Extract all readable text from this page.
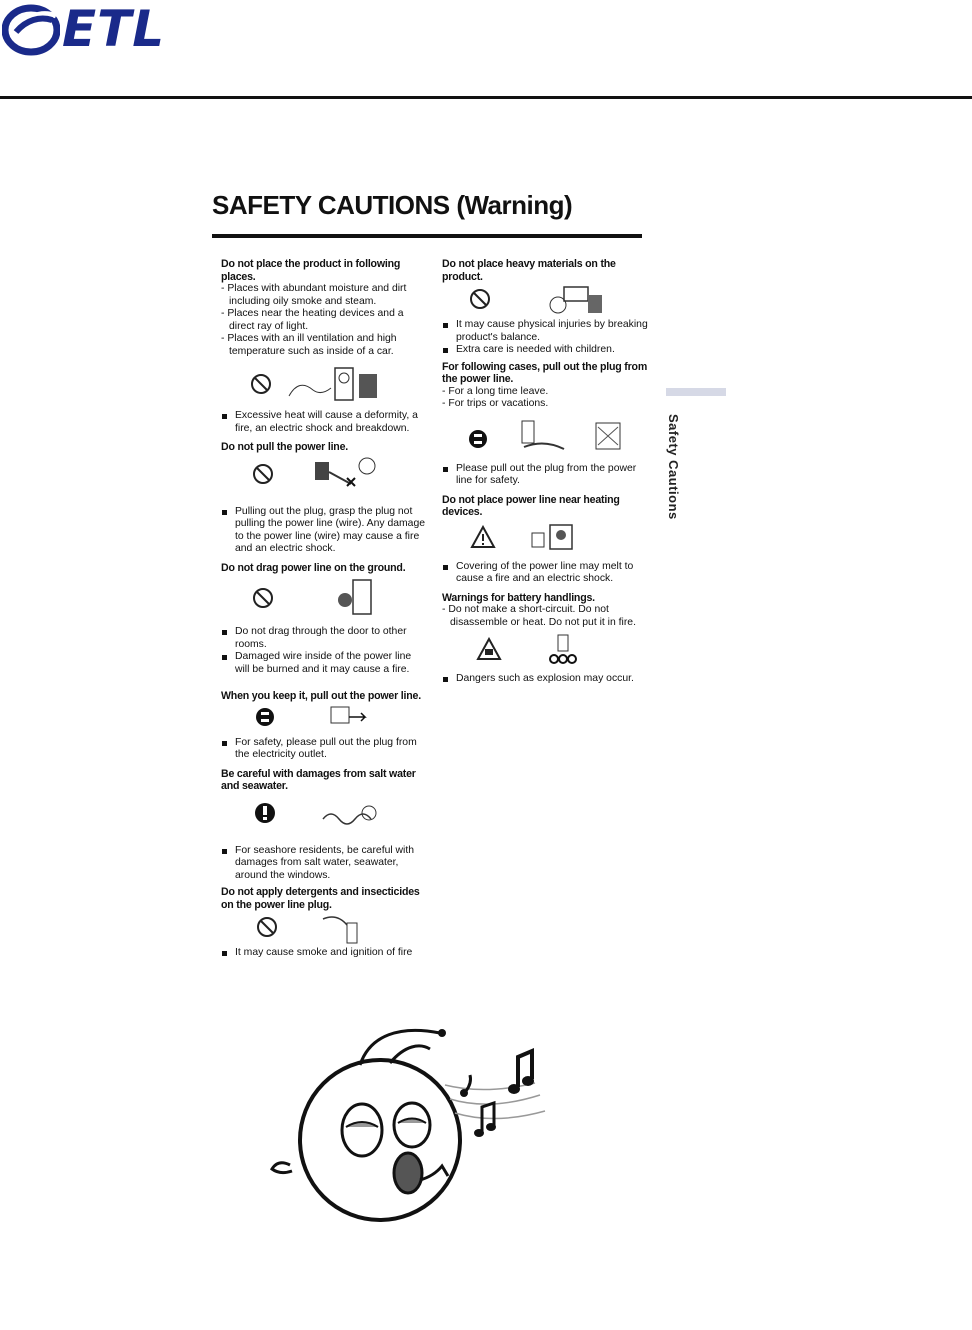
ETL
SAFETY CAUTIONS (Warning)
Do not place the product in following places.
- Places with abundant moisture and dirt including oily smoke and steam.
- Places near the heating devices and a direct ray of light.
- Places with an ill ventilation and high temperature such as inside of a car.
Excessive heat will cause a deformity, a fire, an electric shock and breakdown.
Do not pull the power line.
Pulling out the plug, grasp the plug not pulling the power line (wire). Any damage to the power line (wire) may cause a fire and an electric shock.
Do not drag power line on the ground.
Do not drag through the door to other rooms.
Damaged wire inside of the power line will be burned and it may cause a fire.
When you keep it, pull out the power line.
For safety, please pull out the plug from the electricity outlet.
Be careful with damages from salt water and seawater.
For seashore residents, be careful with damages from salt water, seawater, around the windows.
Do not apply detergents and insecticides on the power line plug.
It may cause smoke and ignition of fire
Do not place heavy materials on the product.
It may cause physical injuries by breaking product's balance.
Extra care is needed with children.
For following cases, pull out the plug from the power line.
- For a long time leave.
- For trips or vacations.
Please pull out the plug from the power line for safety.
Do not place power line near heating devices.
Covering of the power line may melt to cause a fire and an electric shock.
Warnings for battery handlings.
- Do not make a short-circuit. Do not disassemble or heat. Do not put it in fire.
Dangers such as explosion may occur.
Safety Cautions
